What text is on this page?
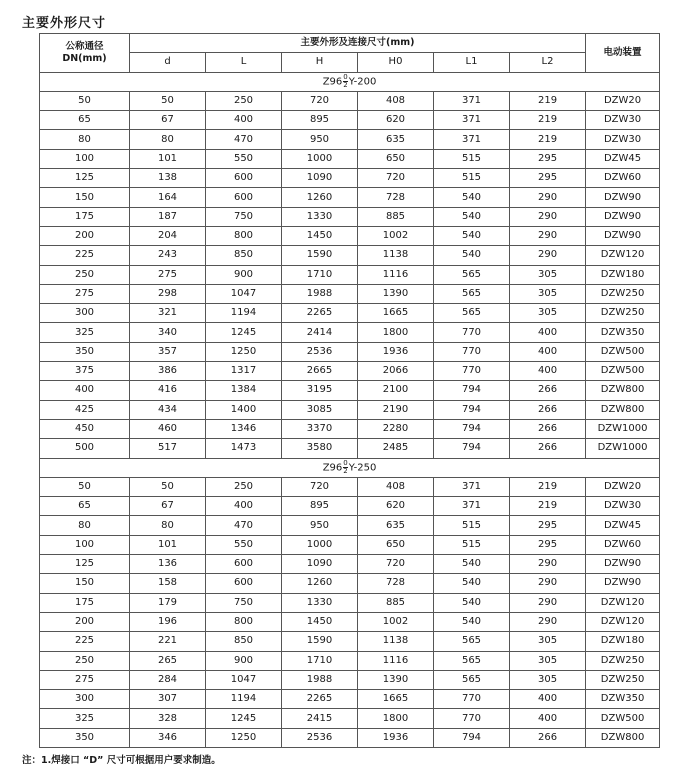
主要外形尺寸
公称通径
DN(mm)	主要外形及连接尺寸(mm)						电动装置
	d	L	H	H0	L1	L2	
$Z96 \frac{0}{2} Y-200$							
50	50	250	720	408	371	219	DZW20
65	67	400	895	620	371	219	DZW30
80	80	470	950	635	371	219	DZW30
100	101	550	1000	650	515	295	DZW45
125	138	600	1090	720	515	295	DZW60
150	164	600	1260	728	540	290	DZW90
175	187	750	1330	885	540	290	DZW90
200	204	800	1450	1002	540	290	DZW90
225	243	850	1590	1138	540	290	DZW120
250	275	900	1710	1116	565	305	DZW180
275	298	1047	1988	1390	565	305	DZW250
300	321	1194	2265	1665	565	305	DZW250
325	340	1245	2414	1800	770	400	DZW350
350	357	1250	2536	1936	770	400	DZW500
375	386	1317	2665	2066	770	400	DZW500
400	416	1384	3195	2100	794	266	DZW800
425	434	1400	3085	2190	794	266	DZW800
450	460	1346	3370	2280	794	266	DZW1000
500	517	1473	3580	2485	794	266	DZW1000
$Z96 \frac{0}{2} Y-250$							
50	50	250	720	408	371	219	DZW20
65	67	400	895	620	371	219	DZW30
80	80	470	950	635	515	295	DZW45
100	101	550	1000	650	515	295	DZW60
125	136	600	1090	720	540	290	DZW90
150	158	600	1260	728	540	290	DZW90
175	179	750	1330	885	540	290	DZW120
200	196	800	1450	1002	540	290	DZW120
225	221	850	1590	1138	565	305	DZW180
250	265	900	1710	1116	565	305	DZW250
275	284	1047	1988	1390	565	305	DZW250
300	307	1194	2265	1665	770	400	DZW350
325	328	1245	2415	1800	770	400	DZW500
350	346	1250	2536	1936	794	266	DZW800
注：1.焊接口 “D” 尺寸可根据用户要求制造。
